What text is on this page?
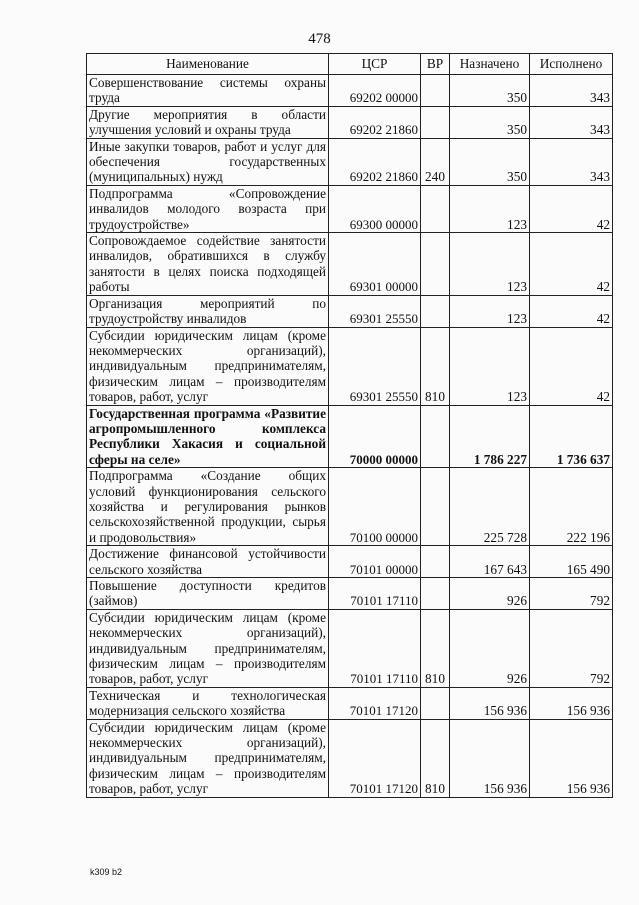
478
Наименование	ЦСР	ВР	Назначено	Исполнено
Совершенствование системы охраны труда	69202 00000		350	343
Другие мероприятия в области улучшения условий и охраны труда	69202 21860		350	343
Иные закупки товаров, работ и услуг для обеспечения государственных (муниципальных) нужд	69202 21860	240	350	343
Подпрограмма «Сопровождение инвалидов молодого возраста при трудоустройстве»	69300 00000		123	42
Сопровождаемое содействие занятости инвалидов, обратившихся в службу занятости в целях поиска подходящей работы	69301 00000		123	42
Организация мероприятий по трудоустройству инвалидов	69301 25550		123	42
Субсидии юридическим лицам (кроме некоммерческих организаций), индивидуальным предпринимателям, физическим лицам – производителям товаров, работ, услуг	69301 25550	810	123	42
Государственная программа «Развитие агропромышленного комплекса Республики Хакасия и социальной сферы на селе»	70000 00000		1 786 227	1 736 637
Подпрограмма «Создание общих условий функционирования сельского хозяйства и регулирования рынков сельскохозяйственной продукции, сырья и продовольствия»	70100 00000		225 728	222 196
Достижение финансовой устойчивости сельского хозяйства	70101 00000		167 643	165 490
Повышение доступности кредитов (займов)	70101 17110		926	792
Субсидии юридическим лицам (кроме некоммерческих организаций), индивидуальным предпринимателям, физическим лицам – производителям товаров, работ, услуг	70101 17110	810	926	792
Техническая и технологическая модернизация сельского хозяйства	70101 17120		156 936	156 936
Субсидии юридическим лицам (кроме некоммерческих организаций), индивидуальным предпринимателям, физическим лицам – производителям товаров, работ, услуг	70101 17120	810	156 936	156 936
k309 b2
